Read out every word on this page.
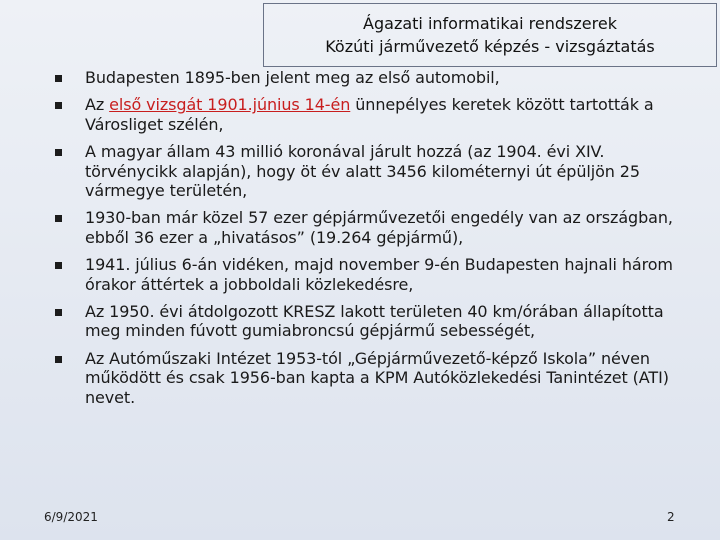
Ágazati informatikai rendszerek
Közúti járművezető képzés - vizsgáztatás
Budapesten 1895-ben jelent meg az első automobil,
Az első vizsgát 1901.június 14-én ünnepélyes keretek között tartották a Városliget szélén,
A magyar állam 43 millió koronával járult hozzá (az 1904. évi XIV. törvénycikk alapján), hogy öt év alatt 3456 kilométernyi út épüljön 25 vármegye területén,
1930-ban már közel 57 ezer gépjárművezetői engedély van az országban, ebből 36 ezer a „hivatásos” (19.264 gépjármű),
1941. július 6-án vidéken, majd november 9-én Budapesten hajnali három órakor áttértek a jobboldali közlekedésre,
Az 1950. évi átdolgozott KRESZ lakott területen 40 km/órában állapította meg minden fúvott gumiabroncsú gépjármű sebességét,
Az Autóműszaki Intézet 1953-tól „Gépjárművezető-képző Iskola” néven működött és csak 1956-ban kapta a KPM Autóközlekedési Tanintézet (ATI) nevet.
6/9/2021	2
